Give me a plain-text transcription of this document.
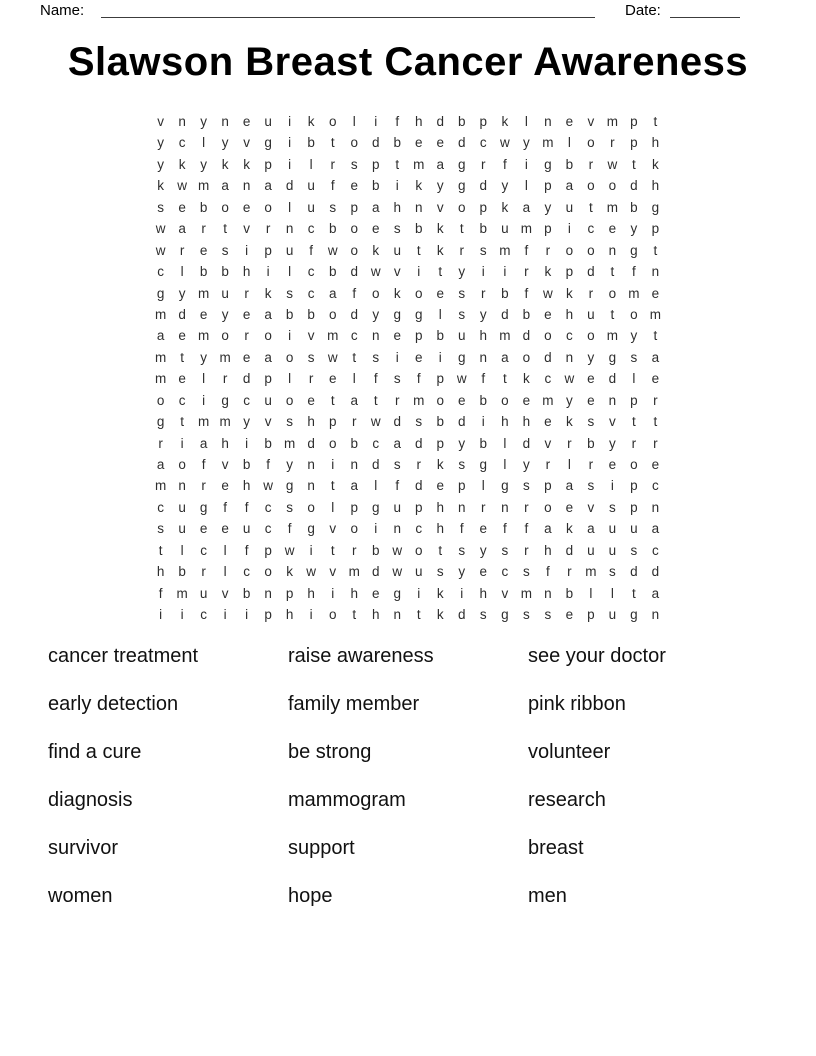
Name:	Date:
Slawson Breast Cancer Awareness
v	n	y	n	e	u	i	k	o	l	i	f	h	d	b	p	k	l	n	e	v m p	t
y	c	l	y	v	g	i	b	t	o	d	b	e	e	d	c w y m	l	o	r	p	h
y	k	y	k	k	p	i	l	r	s	p	t	m a	g	r	f	i	g	b	r	w	t	k
k w m a	n	a	d	u	f	e	b	i	k	y	g	d	y	l	p	a	o	o	d	h
s	e	b	o	e	o	l	u	s	p	a	h	n	v	o	p	k	a	y	u	t	m b	g
w a	r	t	v	r	n	c	b	o	e	s	b	k	t	b	u m p	i	c	e	y	p
w	r	e	s	i	p	u	f	w o	k	u	t	k	r	s m	f	r	o	o	n	g	t
c	l	b	b	h	i	l	c	b	d w v	i	t	y	i	i	r	k	p	d	t	f	n
g	y m u	r	k	s	c	a	f	o	k	o	e	s	r	b	f	w k	r	o m e
m d	e	y	e	a	b	b	o	d	y	g	g	l	s	y	d	b	e	h	u	t	o m
a	e m o	r	o	i	v m c	n	e	p	b	u	h m d	o	c	o m y	t
m	t	y m e	a	o	s w	t	s	i	e	i	g	n	a	o	d	n	y	g	s	a
m e	l	r	d	p	l	r	e	l	f	s	f	p w	f	t	k	c w e	d	l	e
o	c	i	g	c	u	o	e	t	a	t	r	m o	e	b	o	e m y	e	n	p	r
g	t	m m y	v	s	h	p	r	w d	s	b	d	i	h	h	e	k	s	v	t	t
r	i	a	h	i	b m d	o	b	c	a	d	p	y	b	l	d	v	r	b	y	r	r
a	o	f	v	b	f	y	n	i	n	d	s	r	k	s	g	l	y	r	l	r	e	o	e
m n	r	e	h w g	n	t	a	l	f	d	e	p	l	g	s	p	a	s	i	p	c
c	u	g	f	f	c	s	o	l	p	g	u	p	h	n	r	n	r	o	e	v	s	p	n
s	u	e	e	u	c	f	g	v	o	i	n	c	h	f	e	f	f	a	k	a	u	u	a
t	l	c	l	f	p w	i	t	r	b w o	t	s	y	s	r	h	d	u	u	s	c
h	b	r	l	c	o	k w v m d w u	s	y	e	c	s	f	r	m s	d	d
f	m u	v	b	n	p	h	i	h	e	g	i	k	i	h	v m n	b	l	l	t	a
i	i	c	i	i	p	h	i	o	t	h	n	t	k	d	s	g	s	s	e	p	u	g	n
cancer treatment
early detection
find a cure
diagnosis
survivor
women
raise awareness
family member
be strong
mammogram
support
hope
see your doctor
pink ribbon
volunteer
research
breast
men
